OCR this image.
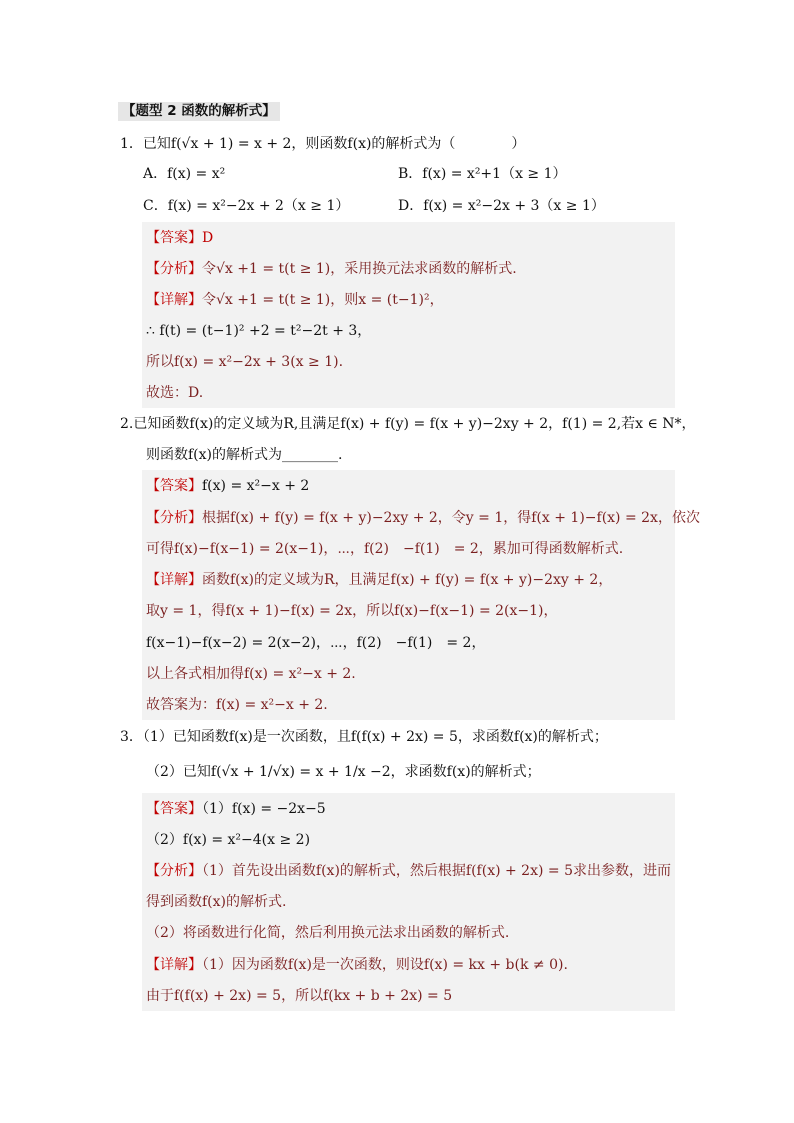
【题型 2 函数的解析式】
1．已知f(√x + 1) = x + 2，则函数f(x)的解析式为（　　　　）
A．f(x) = x²	B．f(x) = x²+1（x ≥ 1）
C．f(x) = x²−2x + 2（x ≥ 1）	D．f(x) = x²−2x + 3（x ≥ 1）
【答案】D
【分析】令√x +1 = t(t ≥ 1)，采用换元法求函数的解析式.
【详解】令√x +1 = t(t ≥ 1)，则x = (t−1)²，
∴ f(t) = (t−1)² +2 = t²−2t + 3，
所以f(x) = x²−2x + 3(x ≥ 1).
故选：D.
2.已知函数f(x)的定义域为R,且满足f(x) + f(y) = f(x + y)−2xy + 2，f(1) = 2,若x ∈ N*，
则函数f(x)的解析式为________.
【答案】f(x) = x²−x + 2
【分析】根据f(x) + f(y) = f(x + y)−2xy + 2，令y = 1，得f(x + 1)−f(x) = 2x，依次
可得f(x)−f(x−1) = 2(x−1)，⋯，f(2)　−f(1)　= 2，累加可得函数解析式.
【详解】函数f(x)的定义域为R，且满足f(x) + f(y) = f(x + y)−2xy + 2，
取y = 1，得f(x + 1)−f(x) = 2x，所以f(x)−f(x−1) = 2(x−1)，
f(x−1)−f(x−2) = 2(x−2)，⋯，f(2)　−f(1)　= 2，
以上各式相加得f(x) = x²−x + 2.
故答案为：f(x) = x²−x + 2.
3．（1）已知函数f(x)是一次函数，且f(f(x) + 2x) = 5，求函数f(x)的解析式；
（2）已知f(√x + 1/√x) = x + 1/x −2，求函数f(x)的解析式；
【答案】（1）f(x) = −2x−5
（2）f(x) = x²−4(x ≥ 2)
【分析】（1）首先设出函数f(x)的解析式，然后根据f(f(x) + 2x) = 5求出参数，进而
得到函数f(x)的解析式.
（2）将函数进行化简，然后利用换元法求出函数的解析式.
【详解】（1）因为函数f(x)是一次函数，则设f(x) = kx + b(k ≠ 0).
由于f(f(x) + 2x) = 5，所以f(kx + b + 2x) = 5
